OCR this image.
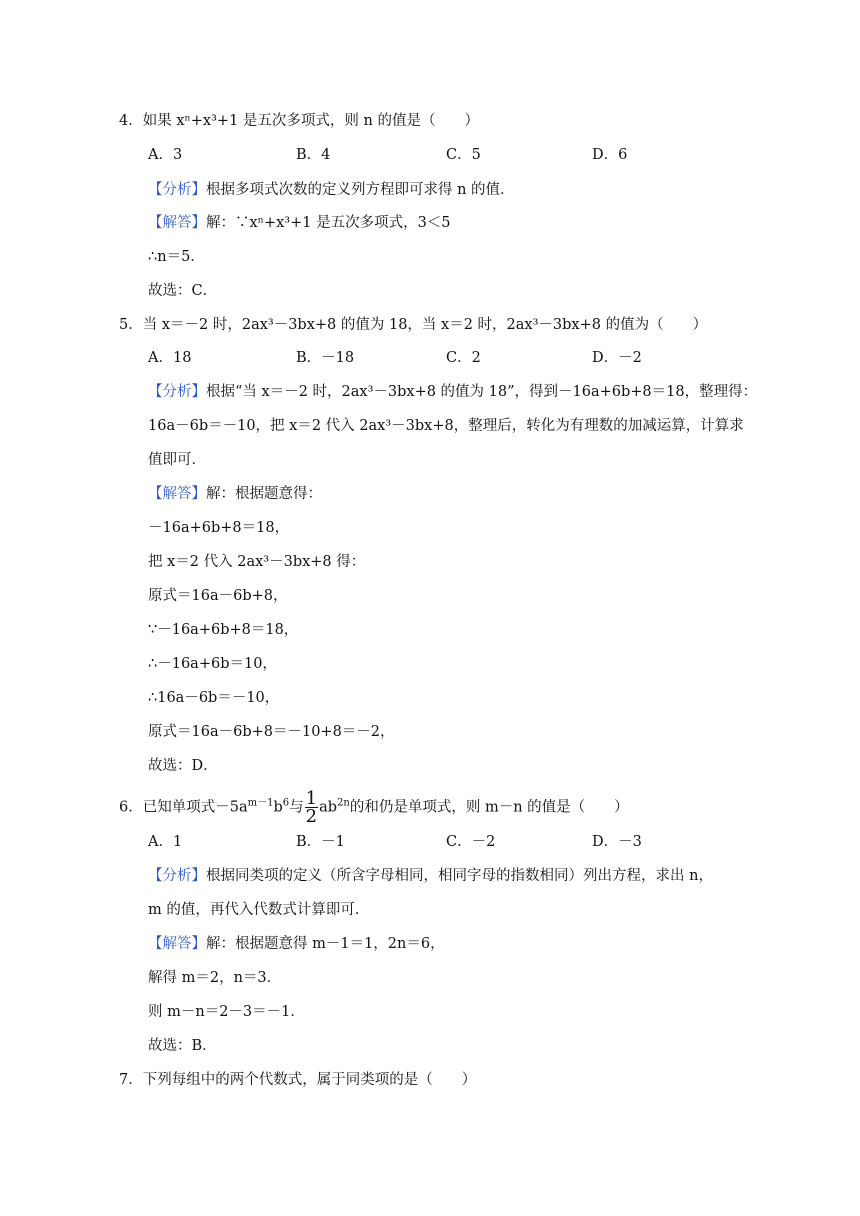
4．如果 xⁿ+x³+1 是五次多项式，则 n 的值是（　　）
A．3	B．4	C．5	D．6
【分析】根据多项式次数的定义列方程即可求得 n 的值．
【解答】解：∵xⁿ+x³+1 是五次多项式，3＜5
∴n＝5．
故选：C．
5．当 x＝－2 时，2ax³－3bx+8 的值为 18，当 x＝2 时，2ax³－3bx+8 的值为（　　）
A．18	B．－18	C．2	D．－2
【分析】根据“当 x＝－2 时，2ax³－3bx+8 的值为 18”，得到－16a+6b+8＝18，整理得：
16a－6b＝－10，把 x＝2 代入 2ax³－3bx+8，整理后，转化为有理数的加减运算，计算求
值即可．
【解答】解：根据题意得：
－16a+6b+8＝18，
把 x＝2 代入 2ax³－3bx+8 得：
原式＝16a－6b+8，
∵－16a+6b+8＝18，
∴－16a+6b＝10，
∴16a－6b＝－10，
原式＝16a－6b+8＝－10+8＝－2，
故选：D．
6．已知单项式$-5a^{m-1}b^6$与 $\frac{1}{2} ab^{2n}$的和仍是单项式，则 m－n 的值是（　　）
A．1	B．－1	C．－2	D．－3
【分析】根据同类项的定义（所含字母相同，相同字母的指数相同）列出方程，求出 n，
m 的值，再代入代数式计算即可．
【解答】解：根据题意得 m－1＝1，2n＝6，
解得 m＝2，n＝3．
则 m－n＝2－3＝－1．
故选：B．
7．下列每组中的两个代数式，属于同类项的是（　　）
